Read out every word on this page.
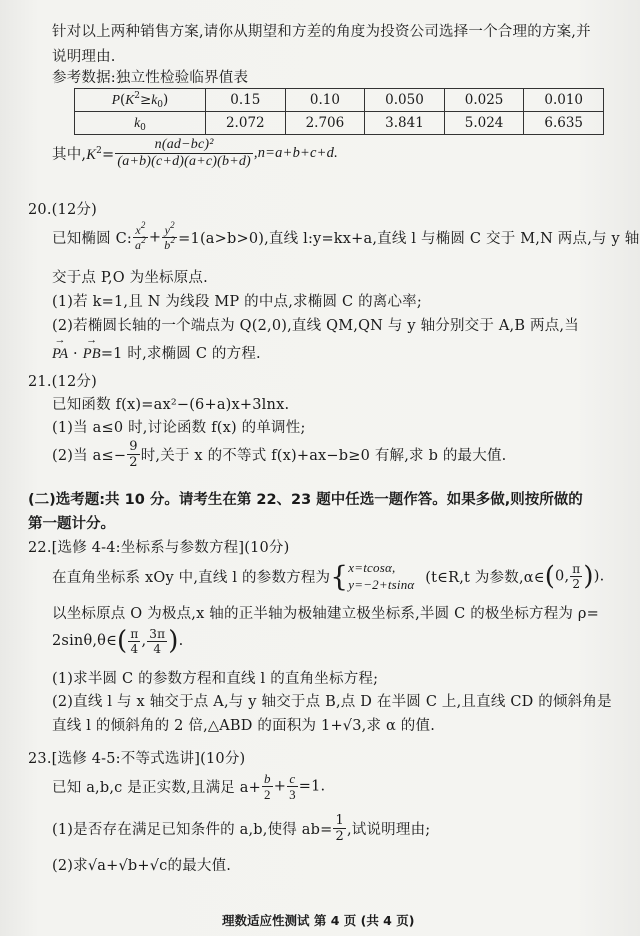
针对以上两种销售方案,请你从期望和方差的角度为投资公司选择一个合理的方案,并
说明理由.
参考数据:独立性检验临界值表
$P(K^2\ge k_0)$	0.15	0.10	0.050	0.025	0.010
$k_0$	2.072	2.706	3.841	5.024	6.635
其中$,K^2= \frac{\text{n(ad−bc)²}}{(a+b)(c+d)(a+c)(b+d)} ,n=a+b+c+d$.
20.(12分)
已知椭圆 C: $\frac{x^2}{a^2} + \frac{y^2}{b^2} =1(a>b>0)$,直线 l:y=kx+a,直线 l 与椭圆 C 交于 M,N 两点,与 y 轴
交于点 P,O 为坐标原点.
(1)若 k=1,且 N 为线段 MP 的中点,求椭圆 C 的离心率;
(2)若椭圆长轴的一个端点为 Q(2,0),直线 QM,QN 与 y 轴分别交于 A,B 两点,当
→ PA · → PB=1 时,求椭圆 C 的方程.
21.(12分)
已知函数 f(x)=ax²−(6+a)x+3lnx.
(1)当 a≤0 时,讨论函数 f(x) 的单调性;
(2)当 $a\le- \frac{9}{2}$ 时,关于 x 的不等式 f(x)+ax−b≥0 有解,求 b 的最大值.
(二)选考题:共 10 分。请考生在第 22、23 题中任选一题作答。如果多做,则按所做的
第一题计分。
22.[选修 4-4:坐标系与参数方程](10分)
在直角坐标系 xOy 中,直线 l 的参数方程为{ x=tcosα,
y=−2+tsinα (t∈R,t 为参数,α∈(0, $\frac{\pi}{2}$ )).
以坐标原点 O 为极点,x 轴的正半轴为极轴建立极坐标系,半圆 C 的极坐标方程为 ρ=
2sinθ,θ∈( $\frac{\pi}{4}$ , $\frac{3\pi}{4}$ ).
(1)求半圆 C 的参数方程和直线 l 的直角坐标方程;
(2)直线 l 与 x 轴交于点 A,与 y 轴交于点 B,点 D 在半圆 C 上,且直线 CD 的倾斜角是
直线 l 的倾斜角的 2 倍,△ABD 的面积为 1+√3,求 α 的值.
23.[选修 4-5:不等式选讲](10分)
已知 a,b,c 是正实数,且满足 $a+ \frac{b}{2} + \frac{c}{3} =1$.
(1)是否存在满足已知条件的 a,b,使得 $ab= \frac{1}{2}$ ,试说明理由;
(2)求√a+√b+√c的最大值.
理数适应性测试 第 4 页 (共 4 页)
